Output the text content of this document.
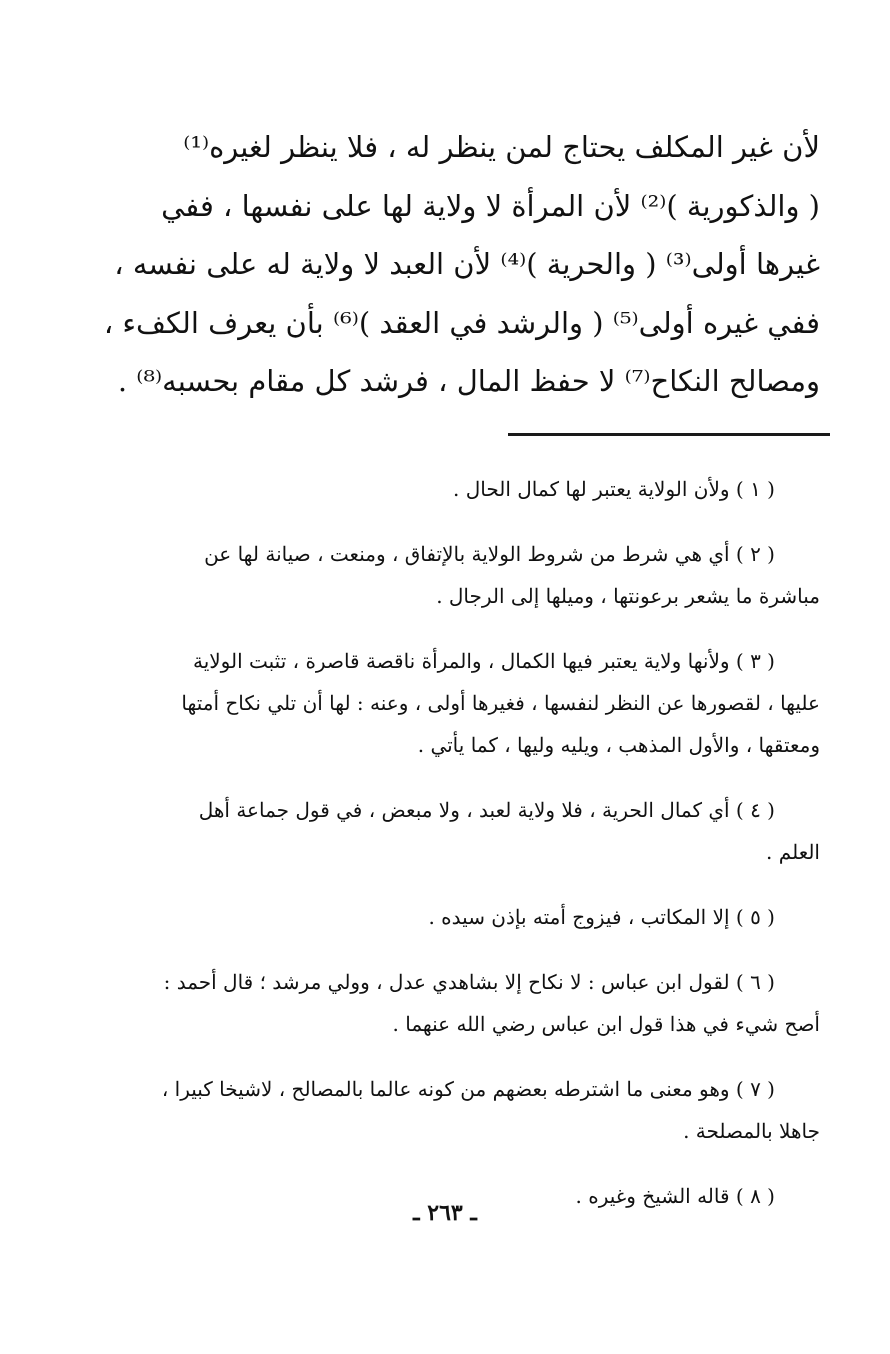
لأن غير المكلف يحتاج لمن ينظر له ، فلا ينظر لغيره⁽¹⁾
( والذكورية )⁽²⁾ لأن المرأة لا ولاية لها على نفسها ، ففي
غيرها أولى⁽³⁾ ( والحرية )⁽⁴⁾ لأن العبد لا ولاية له على نفسه ،
ففي غيره أولى⁽⁵⁾ ( والرشد في العقد )⁽⁶⁾ بأن يعرف الكفء ،
ومصالح النكاح⁽⁷⁾ لا حفظ المال ، فرشد كل مقام بحسبه⁽⁸⁾ .
( ١ ) ولأن الولاية يعتبر لها كمال الحال .
( ٢ ) أي هي شرط من شروط الولاية بالإتفاق ، ومنعت ، صيانة لها عن
مباشرة ما يشعر برعونتها ، وميلها إلى الرجال .
( ٣ ) ولأنها ولاية يعتبر فيها الكمال ، والمرأة ناقصة قاصرة ، تثبت الولاية
عليها ، لقصورها عن النظر لنفسها ، فغيرها أولى ، وعنه : لها أن تلي نكاح أمتها
ومعتقها ، والأول المذهب ، ويليه وليها ، كما يأتي .
( ٤ ) أي كمال الحرية ، فلا ولاية لعبد ، ولا مبعض ، في قول جماعة أهل
العلم .
( ٥ ) إلا المكاتب ، فيزوج أمته بإذن سيده .
( ٦ ) لقول ابن عباس : لا نكاح إلا بشاهدي عدل ، وولي مرشد ؛ قال أحمد :
أصح شيء في هذا قول ابن عباس رضي الله عنهما .
( ٧ ) وهو معنى ما اشترطه بعضهم من كونه عالما بالمصالح ، لاشيخا كبيرا ،
جاهلا بالمصلحة .
( ٨ ) قاله الشيخ وغيره .
ـ ٢٦٣ ـ
